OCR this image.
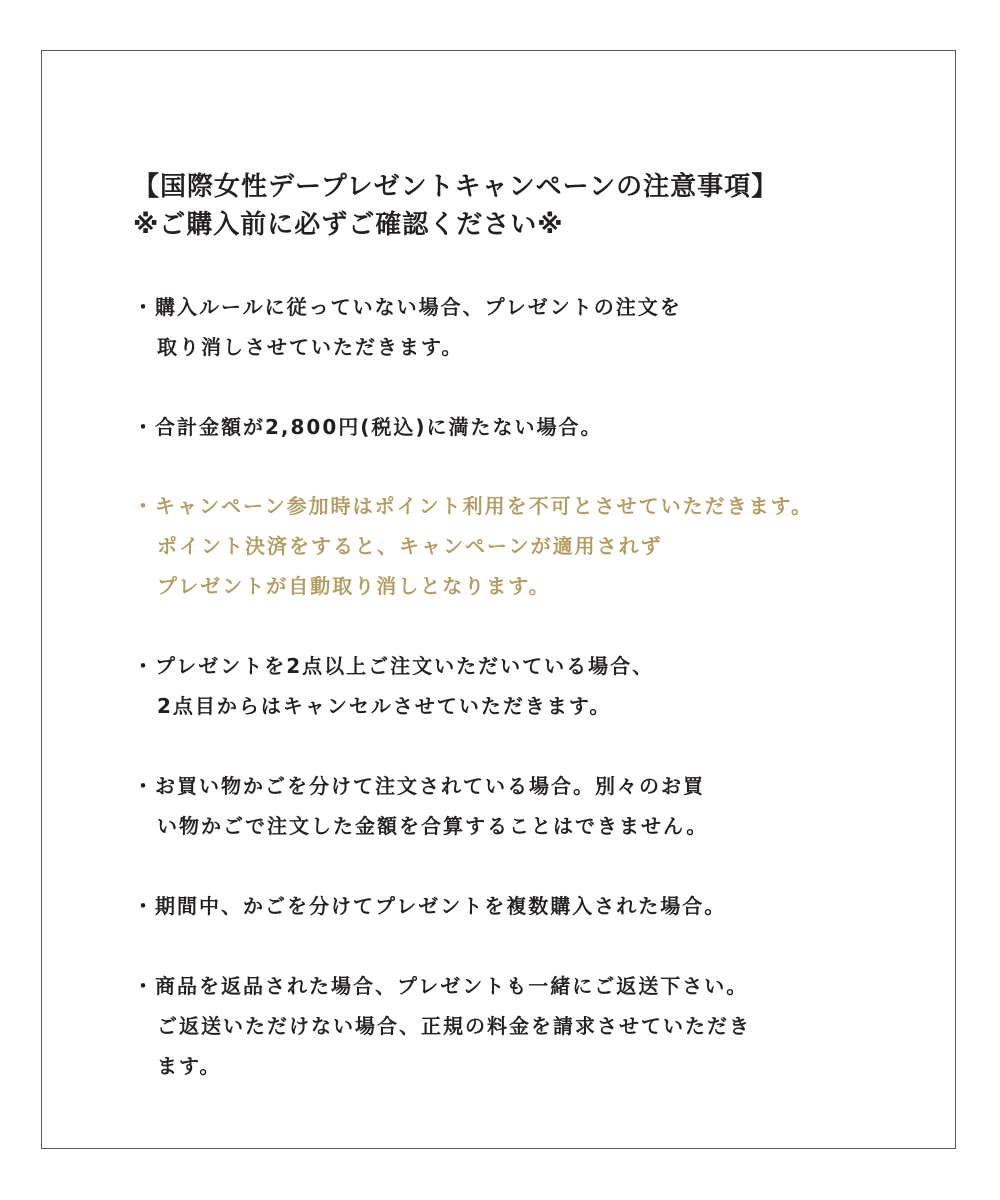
【国際女性デープレゼントキャンペーンの注意事項】
※ご購入前に必ずご確認ください※
・購入ルールに従っていない場合、プレゼントの注文を
取り消しさせていただきます。
・合計金額が2,800円(税込)に満たない場合。
・キャンペーン参加時はポイント利用を不可とさせていただきます。
ポイント決済をすると、キャンペーンが適用されず
プレゼントが自動取り消しとなります。
・プレゼントを2点以上ご注文いただいている場合、
2点目からはキャンセルさせていただきます。
・お買い物かごを分けて注文されている場合。別々のお買
い物かごで注文した金額を合算することはできません。
・期間中、かごを分けてプレゼントを複数購入された場合。
・商品を返品された場合、プレゼントも一緒にご返送下さい。
ご返送いただけない場合、正規の料金を請求させていただき
ます。
